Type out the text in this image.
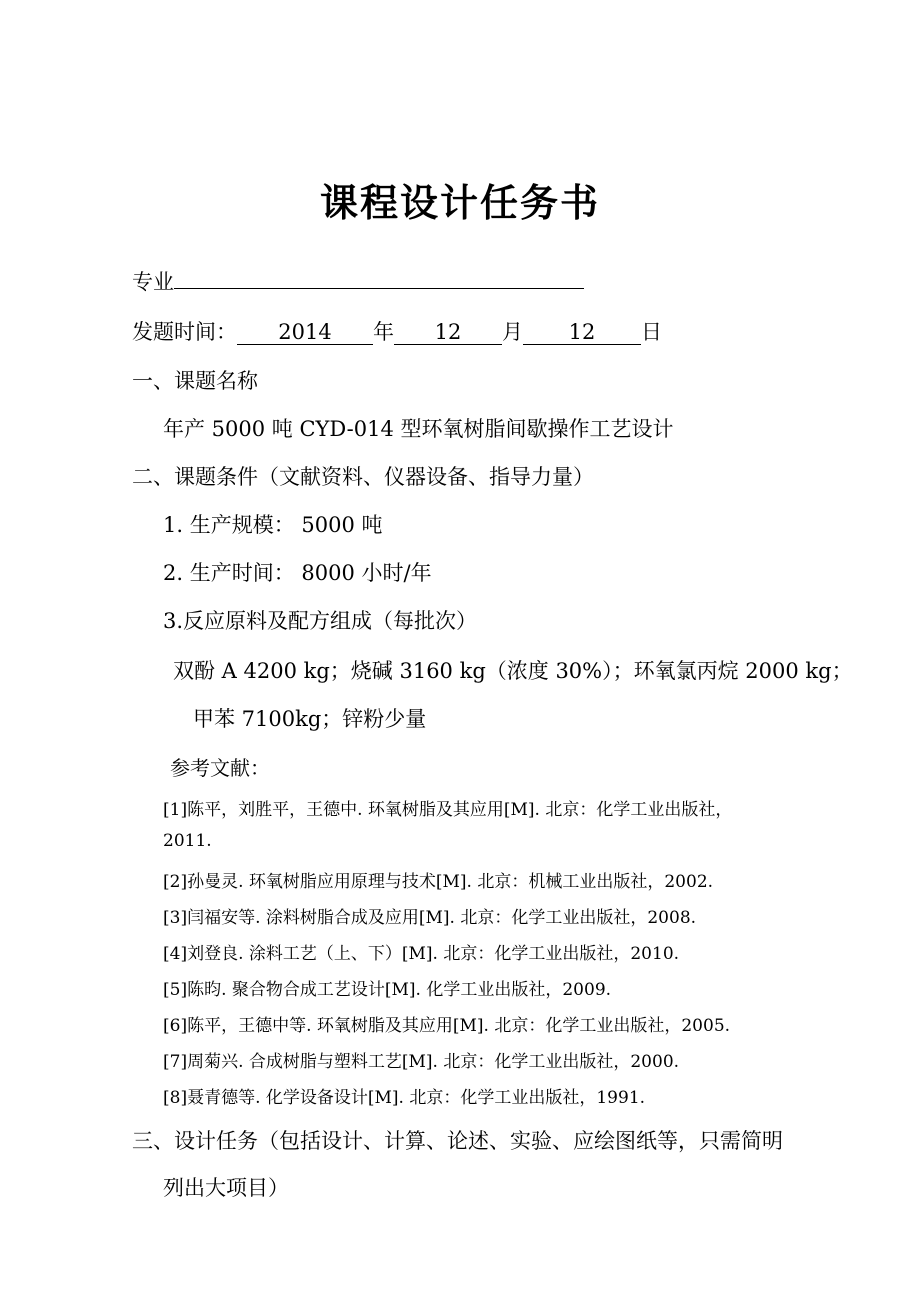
课程设计任务书
专业
发题时间： 2014 年 12 月 12 日
一、课题名称
年产 5000 吨 CYD-014 型环氧树脂间歇操作工艺设计
二、课题条件（文献资料、仪器设备、指导力量）
1. 生产规模： 5000 吨
2. 生产时间： 8000 小时/年
3.反应原料及配方组成（每批次）
双酚 A 4200 kg；烧碱 3160 kg（浓度 30%）；环氧氯丙烷 2000 kg；
甲苯 7100kg；锌粉少量
参考文献：
[1]陈平，刘胜平，王德中. 环氧树脂及其应用[M]. 北京：化学工业出版社，
2011.
[2]孙曼灵. 环氧树脂应用原理与技术[M]. 北京：机械工业出版社，2002.
[3]闫福安等. 涂料树脂合成及应用[M]. 北京：化学工业出版社，2008.
[4]刘登良. 涂料工艺（上、下）[M]. 北京：化学工业出版社，2010.
[5]陈昀. 聚合物合成工艺设计[M]. 化学工业出版社，2009.
[6]陈平，王德中等. 环氧树脂及其应用[M]. 北京：化学工业出版社，2005.
[7]周菊兴. 合成树脂与塑料工艺[M]. 北京：化学工业出版社，2000.
[8]聂青德等. 化学设备设计[M]. 北京：化学工业出版社，1991.
三、设计任务（包括设计、计算、论述、实验、应绘图纸等，只需简明
列出大项目）
